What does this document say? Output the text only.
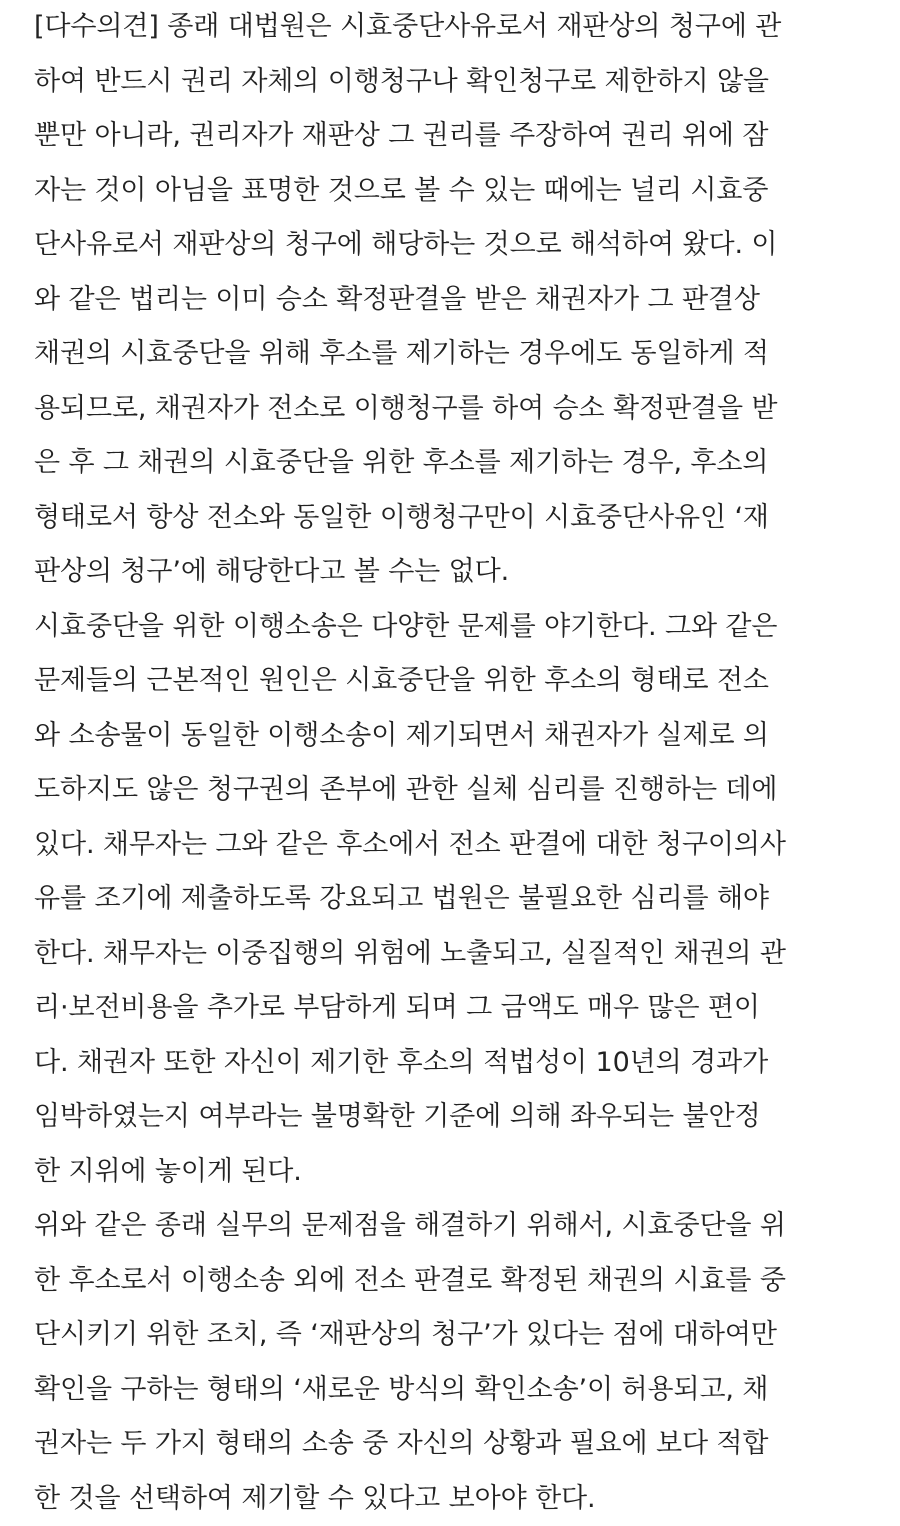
[다수의견] 종래 대법원은 시효중단사유로서 재판상의 청구에 관
하여 반드시 권리 자체의 이행청구나 확인청구로 제한하지 않을
뿐만 아니라, 권리자가 재판상 그 권리를 주장하여 권리 위에 잠
자는 것이 아님을 표명한 것으로 볼 수 있는 때에는 널리 시효중
단사유로서 재판상의 청구에 해당하는 것으로 해석하여 왔다. 이
와 같은 법리는 이미 승소 확정판결을 받은 채권자가 그 판결상
채권의 시효중단을 위해 후소를 제기하는 경우에도 동일하게 적
용되므로, 채권자가 전소로 이행청구를 하여 승소 확정판결을 받
은 후 그 채권의 시효중단을 위한 후소를 제기하는 경우, 후소의
형태로서 항상 전소와 동일한 이행청구만이 시효중단사유인 ‘재
판상의 청구’에 해당한다고 볼 수는 없다.
시효중단을 위한 이행소송은 다양한 문제를 야기한다. 그와 같은
문제들의 근본적인 원인은 시효중단을 위한 후소의 형태로 전소
와 소송물이 동일한 이행소송이 제기되면서 채권자가 실제로 의
도하지도 않은 청구권의 존부에 관한 실체 심리를 진행하는 데에
있다. 채무자는 그와 같은 후소에서 전소 판결에 대한 청구이의사
유를 조기에 제출하도록 강요되고 법원은 불필요한 심리를 해야
한다. 채무자는 이중집행의 위험에 노출되고, 실질적인 채권의 관
리·보전비용을 추가로 부담하게 되며 그 금액도 매우 많은 편이
다. 채권자 또한 자신이 제기한 후소의 적법성이 10년의 경과가
임박하였는지 여부라는 불명확한 기준에 의해 좌우되는 불안정
한 지위에 놓이게 된다.
위와 같은 종래 실무의 문제점을 해결하기 위해서, 시효중단을 위
한 후소로서 이행소송 외에 전소 판결로 확정된 채권의 시효를 중
단시키기 위한 조치, 즉 ‘재판상의 청구’가 있다는 점에 대하여만
확인을 구하는 형태의 ‘새로운 방식의 확인소송’이 허용되고, 채
권자는 두 가지 형태의 소송 중 자신의 상황과 필요에 보다 적합
한 것을 선택하여 제기할 수 있다고 보아야 한다.
